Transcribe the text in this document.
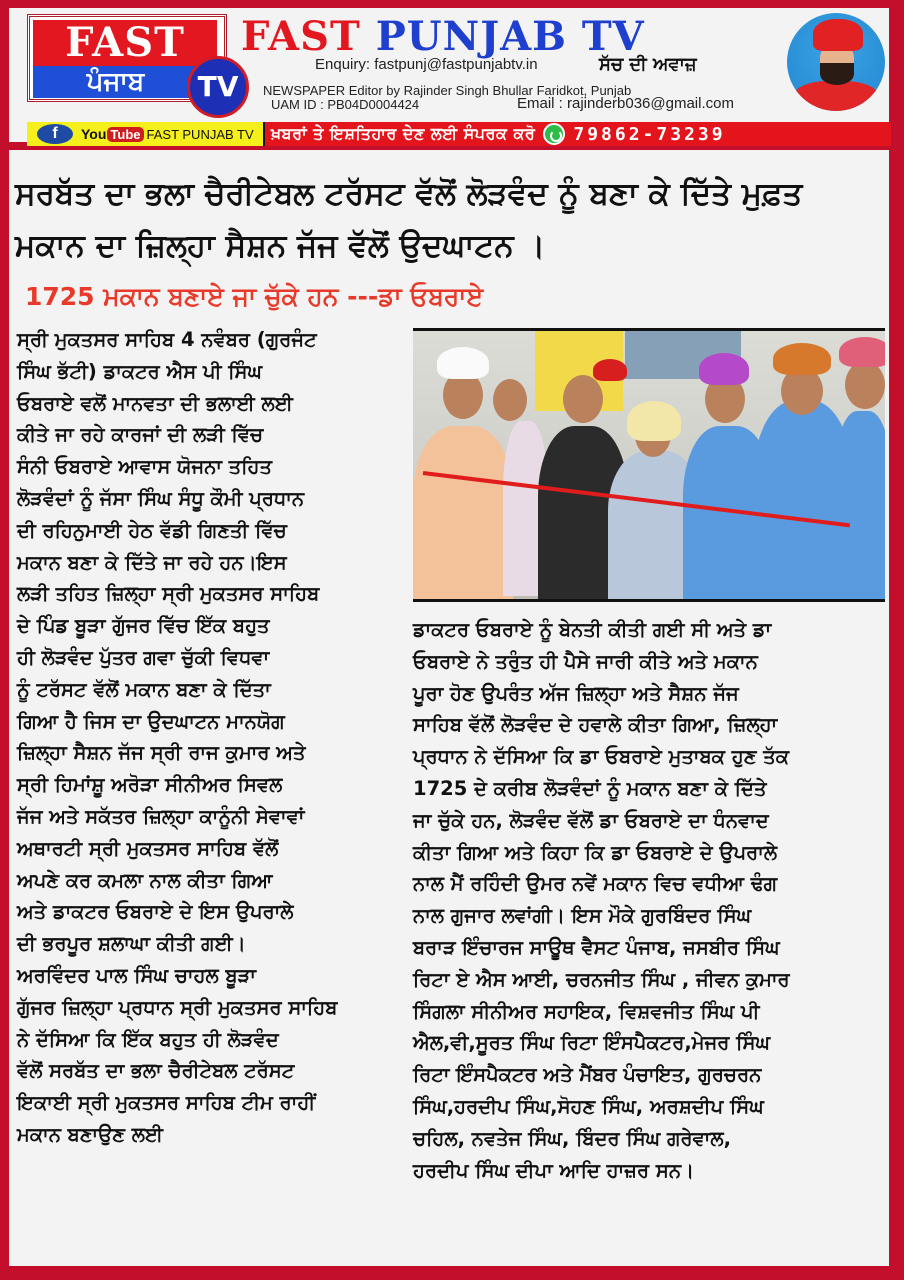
FAST
ਪੰਜਾਬ	TV
FAST PUNJAB TV
Enquiry: fastpunj@fastpunjabtv.in	ਸੱਚ ਦੀ ਅਵਾਜ਼
NEWSPAPER Editor by Rajinder Singh Bhullar Faridkot, Punjab
UAM ID : PB04D0004424	Email : rajinderb036@gmail.com
f	You Tube FAST PUNJAB TV ਖ਼ਬਰਾਂ ਤੇ ਇਸ਼ਤਿਹਾਰ ਦੇਣ ਲਈ ਸੰਪਰਕ ਕਰੋ 79862-73239
ਸਰਬੱਤ ਦਾ ਭਲਾ ਚੈਰੀਟੇਬਲ ਟਰੱਸਟ ਵੱਲੋਂ ਲੋੜਵੰਦ ਨੂੰ ਬਣਾ ਕੇ ਦਿੱਤੇ ਮੁਫ਼ਤ ਮਕਾਨ ਦਾ ਜ਼ਿਲ੍ਹਾ ਸੈਸ਼ਨ ਜੱਜ ਵੱਲੋਂ ਉਦਘਾਟਨ ।
1725 ਮਕਾਨ ਬਣਾਏ ਜਾ ਚੁੱਕੇ ਹਨ ---ਡਾ ਓਬਰਾਏ
ਸ੍ਰੀ ਮੁਕਤਸਰ ਸਾਹਿਬ 4 ਨਵੰਬਰ (ਗੁਰਜੰਟ
ਸਿੰਘ ਭੱਟੀ) ਡਾਕਟਰ ਐਸ ਪੀ ਸਿੰਘ
ਓਬਰਾਏ ਵਲੋਂ ਮਾਨਵਤਾ ਦੀ ਭਲਾਈ ਲਈ
ਕੀਤੇ ਜਾ ਰਹੇ ਕਾਰਜਾਂ ਦੀ ਲੜੀ ਵਿੱਚ
ਸੰਨੀ ਓਬਰਾਏ ਆਵਾਸ ਯੋਜਨਾ ਤਹਿਤ
ਲੋੜਵੰਦਾਂ ਨੂੰ ਜੱਸਾ ਸਿੰਘ ਸੰਧੂ ਕੌਮੀ ਪ੍ਰਧਾਨ
ਦੀ ਰਹਿਨੁਮਾਈ ਹੇਠ ਵੱਡੀ ਗਿਣਤੀ ਵਿੱਚ
ਮਕਾਨ ਬਣਾ ਕੇ ਦਿੱਤੇ ਜਾ ਰਹੇ ਹਨ।ਇਸ
ਲੜੀ ਤਹਿਤ ਜ਼ਿਲ੍ਹਾ ਸ੍ਰੀ ਮੁਕਤਸਰ ਸਾਹਿਬ
ਦੇ ਪਿੰਡ ਬੂੜਾ ਗੁੱਜਰ ਵਿੱਚ ਇੱਕ ਬਹੁਤ
ਹੀ ਲੋੜਵੰਦ ਪੁੱਤਰ ਗਵਾ ਚੁੱਕੀ ਵਿਧਵਾ
ਨੂੰ ਟਰੱਸਟ ਵੱਲੋਂ ਮਕਾਨ ਬਣਾ ਕੇ ਦਿੱਤਾ
ਗਿਆ ਹੈ ਜਿਸ ਦਾ ਉਦਘਾਟਨ ਮਾਨਯੋਗ
ਜ਼ਿਲ੍ਹਾ ਸੈਸ਼ਨ ਜੱਜ ਸ੍ਰੀ ਰਾਜ ਕੁਮਾਰ ਅਤੇ
ਸ੍ਰੀ ਹਿਮਾਂਸ਼ੂ ਅਰੋੜਾ ਸੀਨੀਅਰ ਸਿਵਲ
ਜੱਜ ਅਤੇ ਸਕੱਤਰ ਜ਼ਿਲ੍ਹਾ ਕਾਨੂੰਨੀ ਸੇਵਾਵਾਂ
ਅਥਾਰਟੀ ਸ੍ਰੀ ਮੁਕਤਸਰ ਸਾਹਿਬ ਵੱਲੋਂ
ਅਪਣੇ ਕਰ ਕਮਲਾ ਨਾਲ ਕੀਤਾ ਗਿਆ
ਅਤੇ ਡਾਕਟਰ ਓਬਰਾਏ ਦੇ ਇਸ ਉਪਰਾਲੇ
ਦੀ ਭਰਪੂਰ ਸ਼ਲਾਘਾ ਕੀਤੀ ਗਈ।
ਅਰਵਿੰਦਰ ਪਾਲ ਸਿੰਘ ਚਾਹਲ ਬੂੜਾ
ਗੁੱਜਰ ਜ਼ਿਲ੍ਹਾ ਪ੍ਰਧਾਨ ਸ੍ਰੀ ਮੁਕਤਸਰ ਸਾਹਿਬ
ਨੇ ਦੱਸਿਆ ਕਿ ਇੱਕ ਬਹੁਤ ਹੀ ਲੋੜਵੰਦ
ਵੱਲੋਂ ਸਰਬੱਤ ਦਾ ਭਲਾ ਚੈਰੀਟੇਬਲ ਟਰੱਸਟ
ਇਕਾਈ ਸ੍ਰੀ ਮੁਕਤਸਰ ਸਾਹਿਬ ਟੀਮ ਰਾਹੀਂ
ਮਕਾਨ ਬਣਾਉਣ ਲਈ
ਡਾਕਟਰ ਓਬਰਾਏ ਨੂੰ ਬੇਨਤੀ ਕੀਤੀ ਗਈ ਸੀ ਅਤੇ ਡਾ
ਓਬਰਾਏ ਨੇ ਤਰੁੰਤ ਹੀ ਪੈਸੇ ਜਾਰੀ ਕੀਤੇ ਅਤੇ ਮਕਾਨ
ਪੂਰਾ ਹੋਣ ਉਪਰੰਤ ਅੱਜ ਜ਼ਿਲ੍ਹਾ ਅਤੇ ਸੈਸ਼ਨ ਜੱਜ
ਸਾਹਿਬ ਵੱਲੋਂ ਲੋੜਵੰਦ ਦੇ ਹਵਾਲੇ ਕੀਤਾ ਗਿਆ, ਜ਼ਿਲ੍ਹਾ
ਪ੍ਰਧਾਨ ਨੇ ਦੱਸਿਆ ਕਿ ਡਾ ਓਬਰਾਏ ਮੁਤਾਬਕ ਹੁਣ ਤੱਕ
1725 ਦੇ ਕਰੀਬ ਲੋੜਵੰਦਾਂ ਨੂੰ ਮਕਾਨ ਬਣਾ ਕੇ ਦਿੱਤੇ
ਜਾ ਚੁੱਕੇ ਹਨ, ਲੋੜਵੰਦ ਵੱਲੋਂ ਡਾ ਓਬਰਾਏ ਦਾ ਧੰਨਵਾਦ
ਕੀਤਾ ਗਿਆ ਅਤੇ ਕਿਹਾ ਕਿ ਡਾ ਓਬਰਾਏ ਦੇ ਉਪਰਾਲੇ
ਨਾਲ ਮੈਂ ਰਹਿੰਦੀ ਉਮਰ ਨਵੇਂ ਮਕਾਨ ਵਿਚ ਵਧੀਆ ਢੰਗ
ਨਾਲ ਗੁਜਾਰ ਲਵਾਂਗੀ। ਇਸ ਮੌਕੇ ਗੁਰਬਿੰਦਰ ਸਿੰਘ
ਬਰਾੜ ਇੰਚਾਰਜ ਸਾਊਥ ਵੈਸਟ ਪੰਜਾਬ, ਜਸਬੀਰ ਸਿੰਘ
ਰਿਟਾ ਏ ਐਸ ਆਈ, ਚਰਨਜੀਤ ਸਿੰਘ , ਜੀਵਨ ਕੁਮਾਰ
ਸਿੰਗਲਾ ਸੀਨੀਅਰ ਸਹਾਇਕ, ਵਿਸ਼ਵਜੀਤ ਸਿੰਘ ਪੀ
ਐਲ,ਵੀ,ਸੂਰਤ ਸਿੰਘ ਰਿਟਾ ਇੰਸਪੈਕਟਰ,ਮੇਜਰ ਸਿੰਘ
ਰਿਟਾ ਇੰਸਪੈਕਟਰ ਅਤੇ ਮੈਂਬਰ ਪੰਚਾਇਤ, ਗੁਰਚਰਨ
ਸਿੰਘ,ਹਰਦੀਪ ਸਿੰਘ,ਸੋਹਣ ਸਿੰਘ, ਅਰਸ਼ਦੀਪ ਸਿੰਘ
ਚਹਿਲ, ਨਵਤੇਜ ਸਿੰਘ, ਬਿੰਦਰ ਸਿੰਘ ਗਰੇਵਾਲ,
ਹਰਦੀਪ ਸਿੰਘ ਦੀਪਾ ਆਦਿ ਹਾਜ਼ਰ ਸਨ।
